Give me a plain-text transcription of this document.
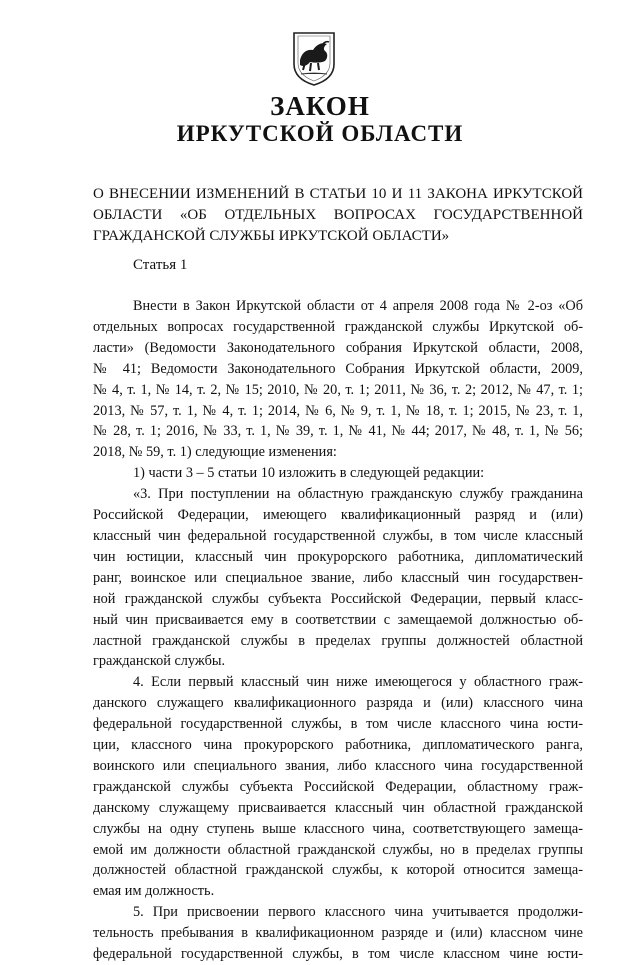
ЗАКОН
ИРКУТСКОЙ ОБЛАСТИ
О ВНЕСЕНИИ ИЗМЕНЕНИЙ В СТАТЬИ 10 И 11 ЗАКОНА ИРКУТСКОЙ
ОБЛАСТИ «ОБ ОТДЕЛЬНЫХ ВОПРОСАХ ГОСУДАРСТВЕННОЙ
ГРАЖДАНСКОЙ СЛУЖБЫ ИРКУТСКОЙ ОБЛАСТИ»
Статья 1
Внести в Закон Иркутской области от 4 апреля 2008 года № 2-оз «Об
отдельных вопросах государственной гражданской службы Иркутской об-
ласти» (Ведомости Законодательного собрания Иркутской области, 2008,
№ 41; Ведомости Законодательного Собрания Иркутской области, 2009,
№ 4, т. 1, № 14, т. 2, № 15; 2010, № 20, т. 1; 2011, № 36, т. 2; 2012, № 47, т. 1;
2013, № 57, т. 1, № 4, т. 1; 2014, № 6, № 9, т. 1, № 18, т. 1; 2015, № 23, т. 1,
№ 28, т. 1; 2016, № 33, т. 1, № 39, т. 1, № 41, № 44; 2017, № 48, т. 1, № 56;
2018, № 59, т. 1) следующие изменения:
1) части 3 – 5 статьи 10 изложить в следующей редакции:
«3. При поступлении на областную гражданскую службу гражданина
Российской Федерации, имеющего квалификационный разряд и (или)
классный чин федеральной государственной службы, в том числе классный
чин юстиции, классный чин прокурорского работника, дипломатический
ранг, воинское или специальное звание, либо классный чин государствен-
ной гражданской службы субъекта Российской Федерации, первый класс-
ный чин присваивается ему в соответствии с замещаемой должностью об-
ластной гражданской службы в пределах группы должностей областной
гражданской службы.
4. Если первый классный чин ниже имеющегося у областного граж-
данского служащего квалификационного разряда и (или) классного чина
федеральной государственной службы, в том числе классного чина юсти-
ции, классного чина прокурорского работника, дипломатического ранга,
воинского или специального звания, либо классного чина государственной
гражданской службы субъекта Российской Федерации, областному граж-
данскому служащему присваивается классный чин областной гражданской
службы на одну ступень выше классного чина, соответствующего замеща-
емой им должности областной гражданской службы, но в пределах группы
должностей областной гражданской службы, к которой относится замеща-
емая им должность.
5. При присвоении первого классного чина учитывается продолжи-
тельность пребывания в квалификационном разряде и (или) классном чине
федеральной государственной службы, в том числе классном чине юсти-
